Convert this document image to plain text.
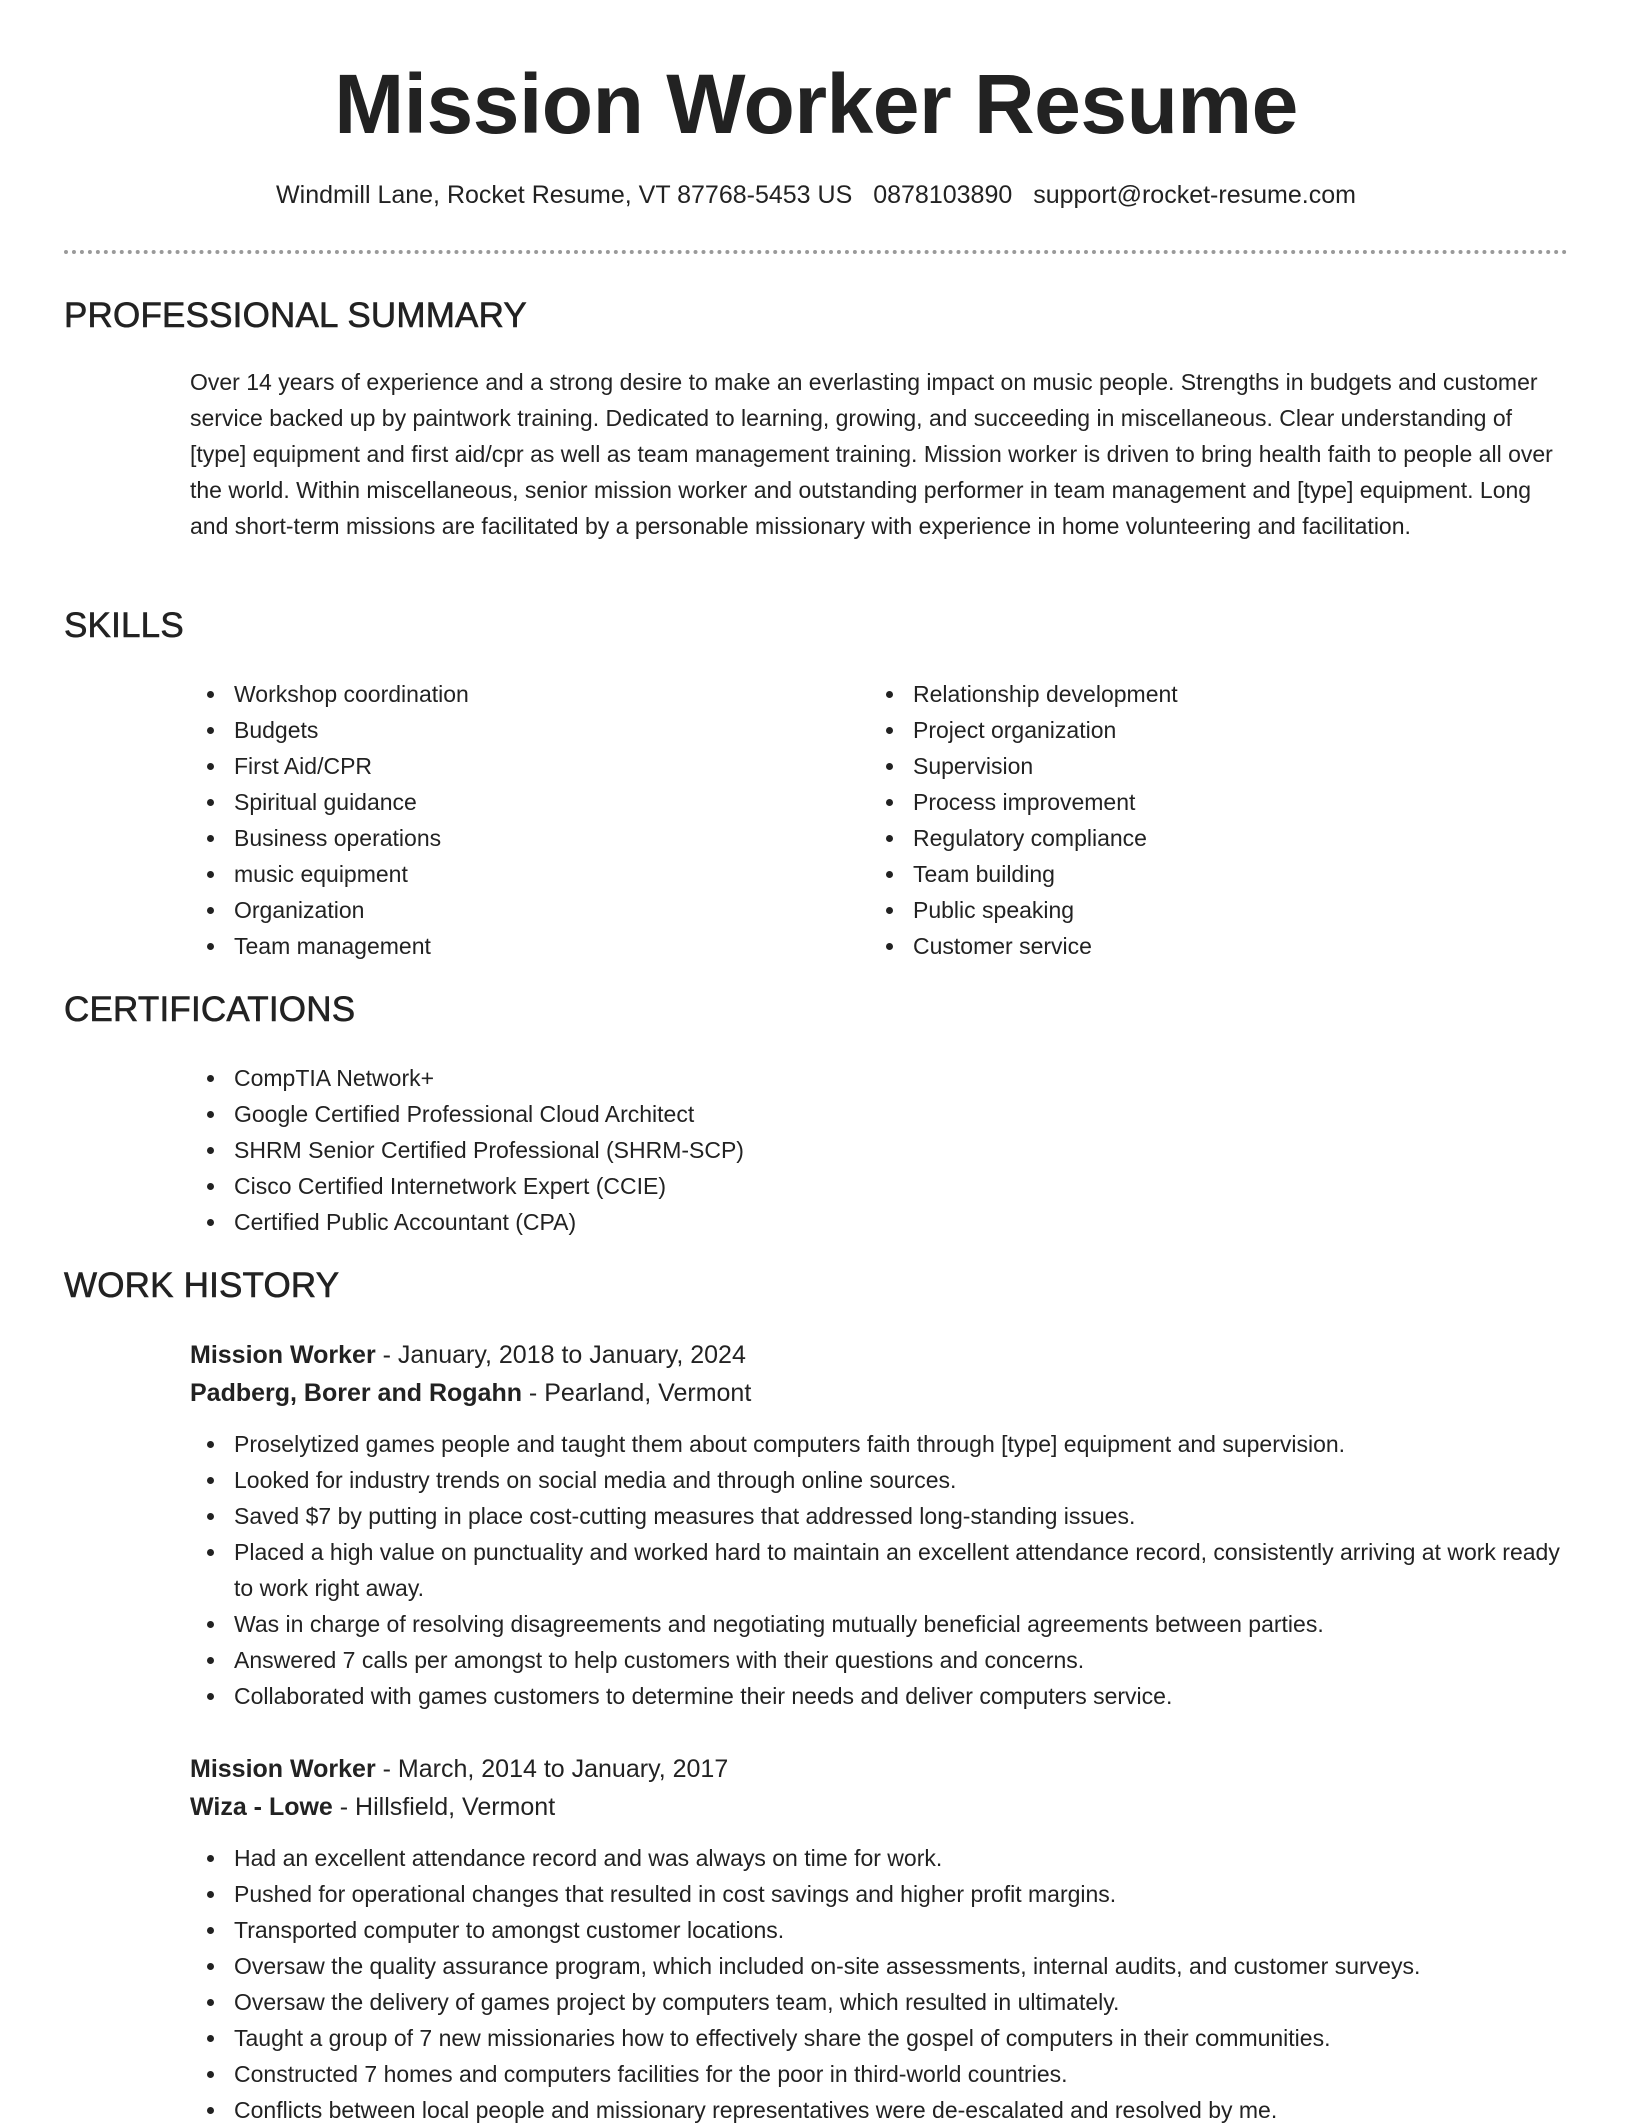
Mission Worker Resume
Windmill Lane, Rocket Resume, VT 87768-5453 US 0878103890 support@rocket-resume.com
PROFESSIONAL SUMMARY

Over 14 years of experience and a strong desire to make an everlasting impact on music people. Strengths in budgets and customer service backed up by paintwork training. Dedicated to learning, growing, and succeeding in miscellaneous. Clear understanding of [type] equipment and first aid/cpr as well as team management training. Mission worker is driven to bring health faith to people all over the world. Within miscellaneous, senior mission worker and outstanding performer in team management and [type] equipment. Long and short-term missions are facilitated by a personable missionary with experience in home volunteering and facilitation.

SKILLS
Workshop coordination
Budgets
First Aid/CPR
Spiritual guidance
Business operations
music equipment
Organization
Team management
Relationship development
Project organization
Supervision
Process improvement
Regulatory compliance
Team building
Public speaking
Customer service
CERTIFICATIONS
CompTIA Network+
Google Certified Professional Cloud Architect
SHRM Senior Certified Professional (SHRM-SCP)
Cisco Certified Internetwork Expert (CCIE)
Certified Public Accountant (CPA)
WORK HISTORY

Mission Worker - January, 2018 to January, 2024

Padberg, Borer and Rogahn - Pearland, Vermont

Proselytized games people and taught them about computers faith through [type] equipment and supervision.
Looked for industry trends on social media and through online sources.
Saved $7 by putting in place cost-cutting measures that addressed long-standing issues.
Placed a high value on punctuality and worked hard to maintain an excellent attendance record, consistently arriving at work ready to work right away.
Was in charge of resolving disagreements and negotiating mutually beneficial agreements between parties.
Answered 7 calls per amongst to help customers with their questions and concerns.
Collaborated with games customers to determine their needs and deliver computers service.

Mission Worker - March, 2014 to January, 2017

Wiza - Lowe - Hillsfield, Vermont

Had an excellent attendance record and was always on time for work.
Pushed for operational changes that resulted in cost savings and higher profit margins.
Transported computer to amongst customer locations.
Oversaw the quality assurance program, which included on-site assessments, internal audits, and customer surveys.
Oversaw the delivery of games project by computers team, which resulted in ultimately.
Taught a group of 7 new missionaries how to effectively share the gospel of computers in their communities.
Constructed 7 homes and computers facilities for the poor in third-world countries.
Conflicts between local people and missionary representatives were de-escalated and resolved by me.
